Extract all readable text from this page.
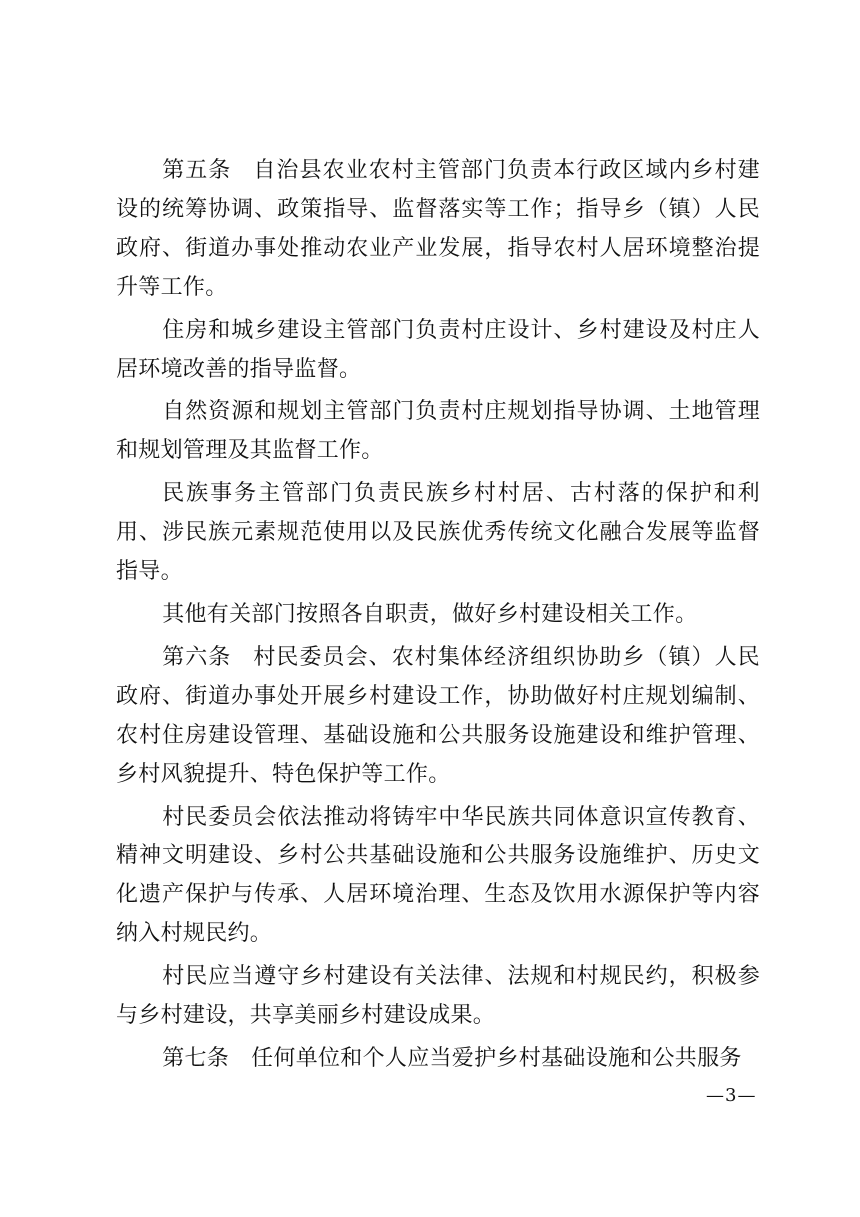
第五条 自治县农业农村主管部门负责本行政区域内乡村建设的统筹协调、政策指导、监督落实等工作；指导乡（镇）人民政府、街道办事处推动农业产业发展，指导农村人居环境整治提升等工作。

住房和城乡建设主管部门负责村庄设计、乡村建设及村庄人居环境改善的指导监督。

自然资源和规划主管部门负责村庄规划指导协调、土地管理和规划管理及其监督工作。

民族事务主管部门负责民族乡村村居、古村落的保护和利用、涉民族元素规范使用以及民族优秀传统文化融合发展等监督指导。

其他有关部门按照各自职责，做好乡村建设相关工作。

第六条 村民委员会、农村集体经济组织协助乡（镇）人民政府、街道办事处开展乡村建设工作，协助做好村庄规划编制、农村住房建设管理、基础设施和公共服务设施建设和维护管理、乡村风貌提升、特色保护等工作。

村民委员会依法推动将铸牢中华民族共同体意识宣传教育、精神文明建设、乡村公共基础设施和公共服务设施维护、历史文化遗产保护与传承、人居环境治理、生态及饮用水源保护等内容纳入村规民约。

村民应当遵守乡村建设有关法律、法规和村规民约，积极参与乡村建设，共享美丽乡村建设成果。

第七条 任何单位和个人应当爱护乡村基础设施和公共服务

—3—
